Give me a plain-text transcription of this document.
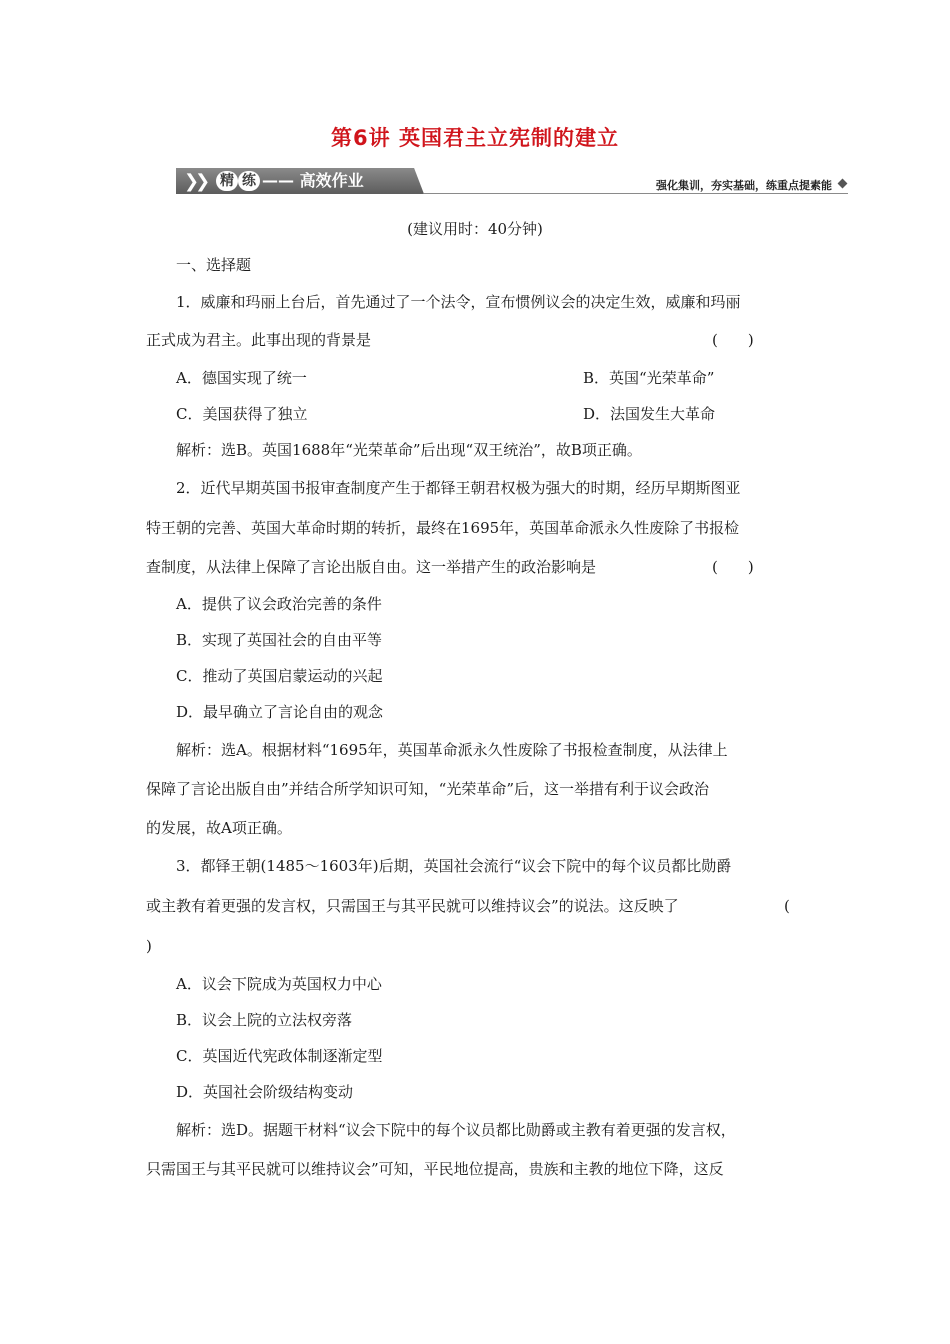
第6讲 英国君主立宪制的建立
❯❯ 精 练 —— 高效作业	强化集训，夯实基础，练重点提素能
(建议用时：40分钟)
一、选择题
1．威廉和玛丽上台后，首先通过了一个法令，宣布惯例议会的决定生效，威廉和玛丽
正式成为君主。此事出现的背景是	(　　)
A．德国实现了统一	B．英国“光荣革命”
C．美国获得了独立	D．法国发生大革命
解析：选B。英国1688年“光荣革命”后出现“双王统治”，故B项正确。
2．近代早期英国书报审查制度产生于都铎王朝君权极为强大的时期，经历早期斯图亚
特王朝的完善、英国大革命时期的转折，最终在1695年，英国革命派永久性废除了书报检
查制度，从法律上保障了言论出版自由。这一举措产生的政治影响是	(　　)
A．提供了议会政治完善的条件
B．实现了英国社会的自由平等
C．推动了英国启蒙运动的兴起
D．最早确立了言论自由的观念
解析：选A。根据材料“1695年，英国革命派永久性废除了书报检查制度，从法律上
保障了言论出版自由”并结合所学知识可知，“光荣革命”后，这一举措有利于议会政治
的发展，故A项正确。
3．都铎王朝(1485～1603年)后期，英国社会流行“议会下院中的每个议员都比勋爵
或主教有着更强的发言权，只需国王与其平民就可以维持议会”的说法。这反映了	(
)
A．议会下院成为英国权力中心
B．议会上院的立法权旁落
C．英国近代宪政体制逐渐定型
D．英国社会阶级结构变动
解析：选D。据题干材料“议会下院中的每个议员都比勋爵或主教有着更强的发言权，
只需国王与其平民就可以维持议会”可知，平民地位提高，贵族和主教的地位下降，这反
